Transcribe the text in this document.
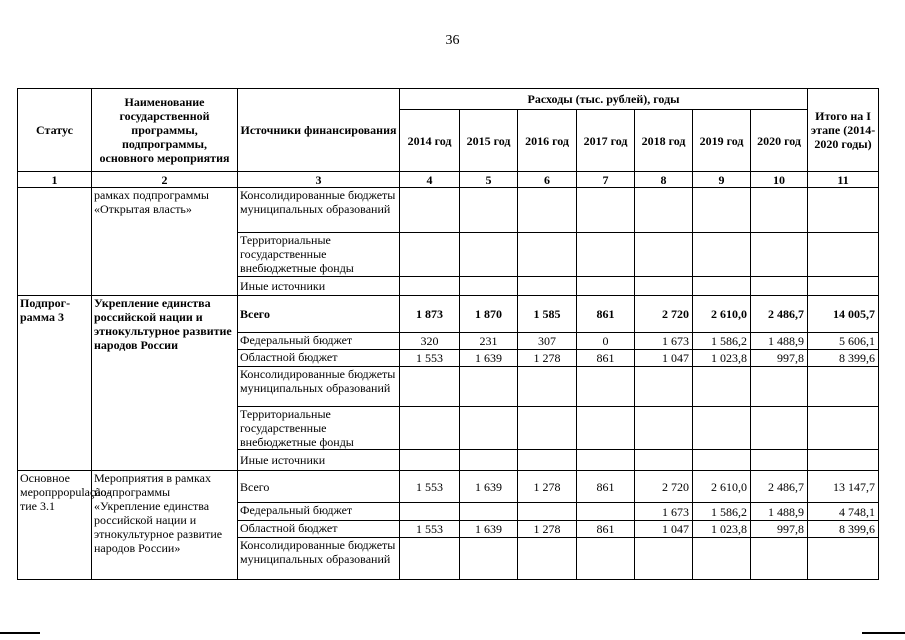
36
Статус	Наименование государственной программы, подпрограммы, основного мероприятия	Источники финансирования	Расходы (тыс. рублей), годы							Итого на I этапе (2014-2020 годы)
			2014 год	2015 год	2016 год	2017 год	2018 год	2019 год	2020 год	
1	2	3	4	5	6	7	8	9	10	11
	рамках подпрограммы «Открытая власть»	Консолидированные бюджеты муниципальных образований								
		Территориальные государственные внебюджетные фонды								
		Иные источники								
Подпрог-рамма 3	Укрепление единства российской нации и этнокультурное развитие народов России	Всего	1 873	1 870	1 585	861	2 720	2 610,0	2 486,7	14 005,7
		Федеральный бюджет	320	231	307	0	1 673	1 586,2	1 488,9	5 606,1
		Областной бюджет	1 553	1 639	1 278	861	1 047	1 023,8	997,8	8 399,6
		Консолидированные бюджеты муниципальных образований								
		Территориальные государственные внебюджетные фонды								
		Иные источники								
Основное меропрpopulação-тие 3.1	Мероприятия в рамках подпрограммы «Укрепление единства российской нации и этнокультурное развитие народов России»	Всего	1 553	1 639	1 278	861	2 720	2 610,0	2 486,7	13 147,7
		Федеральный бюджет					1 673	1 586,2	1 488,9	4 748,1
		Областной бюджет	1 553	1 639	1 278	861	1 047	1 023,8	997,8	8 399,6
		Консолидированные бюджеты муниципальных образований								
